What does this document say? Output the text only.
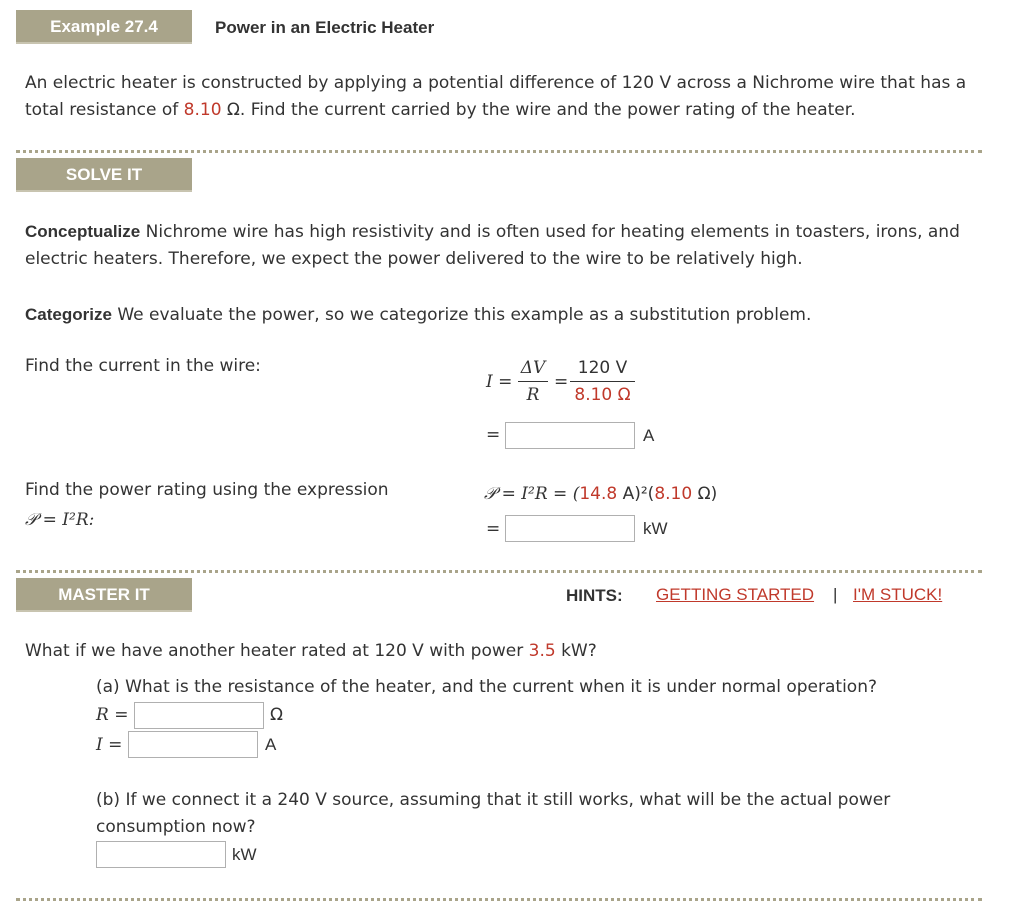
Example 27.4	Power in an Electric Heater
An electric heater is constructed by applying a potential difference of 120 V across a Nichrome wire that has a total resistance of 8.10 Ω. Find the current carried by the wire and the power rating of the heater.
SOLVE IT
Conceptualize Nichrome wire has high resistivity and is often used for heating elements in toasters, irons, and electric heaters. Therefore, we expect the power delivered to the wire to be relatively high.
Categorize We evaluate the power, so we categorize this example as a substitution problem.
Find the current in the wire:
I =
ΔV
R
=
120 V
8.10 Ω
=	A
Find the power rating using the expression
𝒫 = I²R:
𝒫 = I²R = (14.8 A)²(8.10 Ω)
=	kW
MASTER IT	HINTS: GETTING STARTED | I'M STUCK!
What if we have another heater rated at 120 V with power 3.5 kW?
(a) What is the resistance of the heater, and the current when it is under normal operation?
R =	Ω
I =	A
(b) If we connect it a 240 V source, assuming that it still works, what will be the actual power consumption now?
kW
